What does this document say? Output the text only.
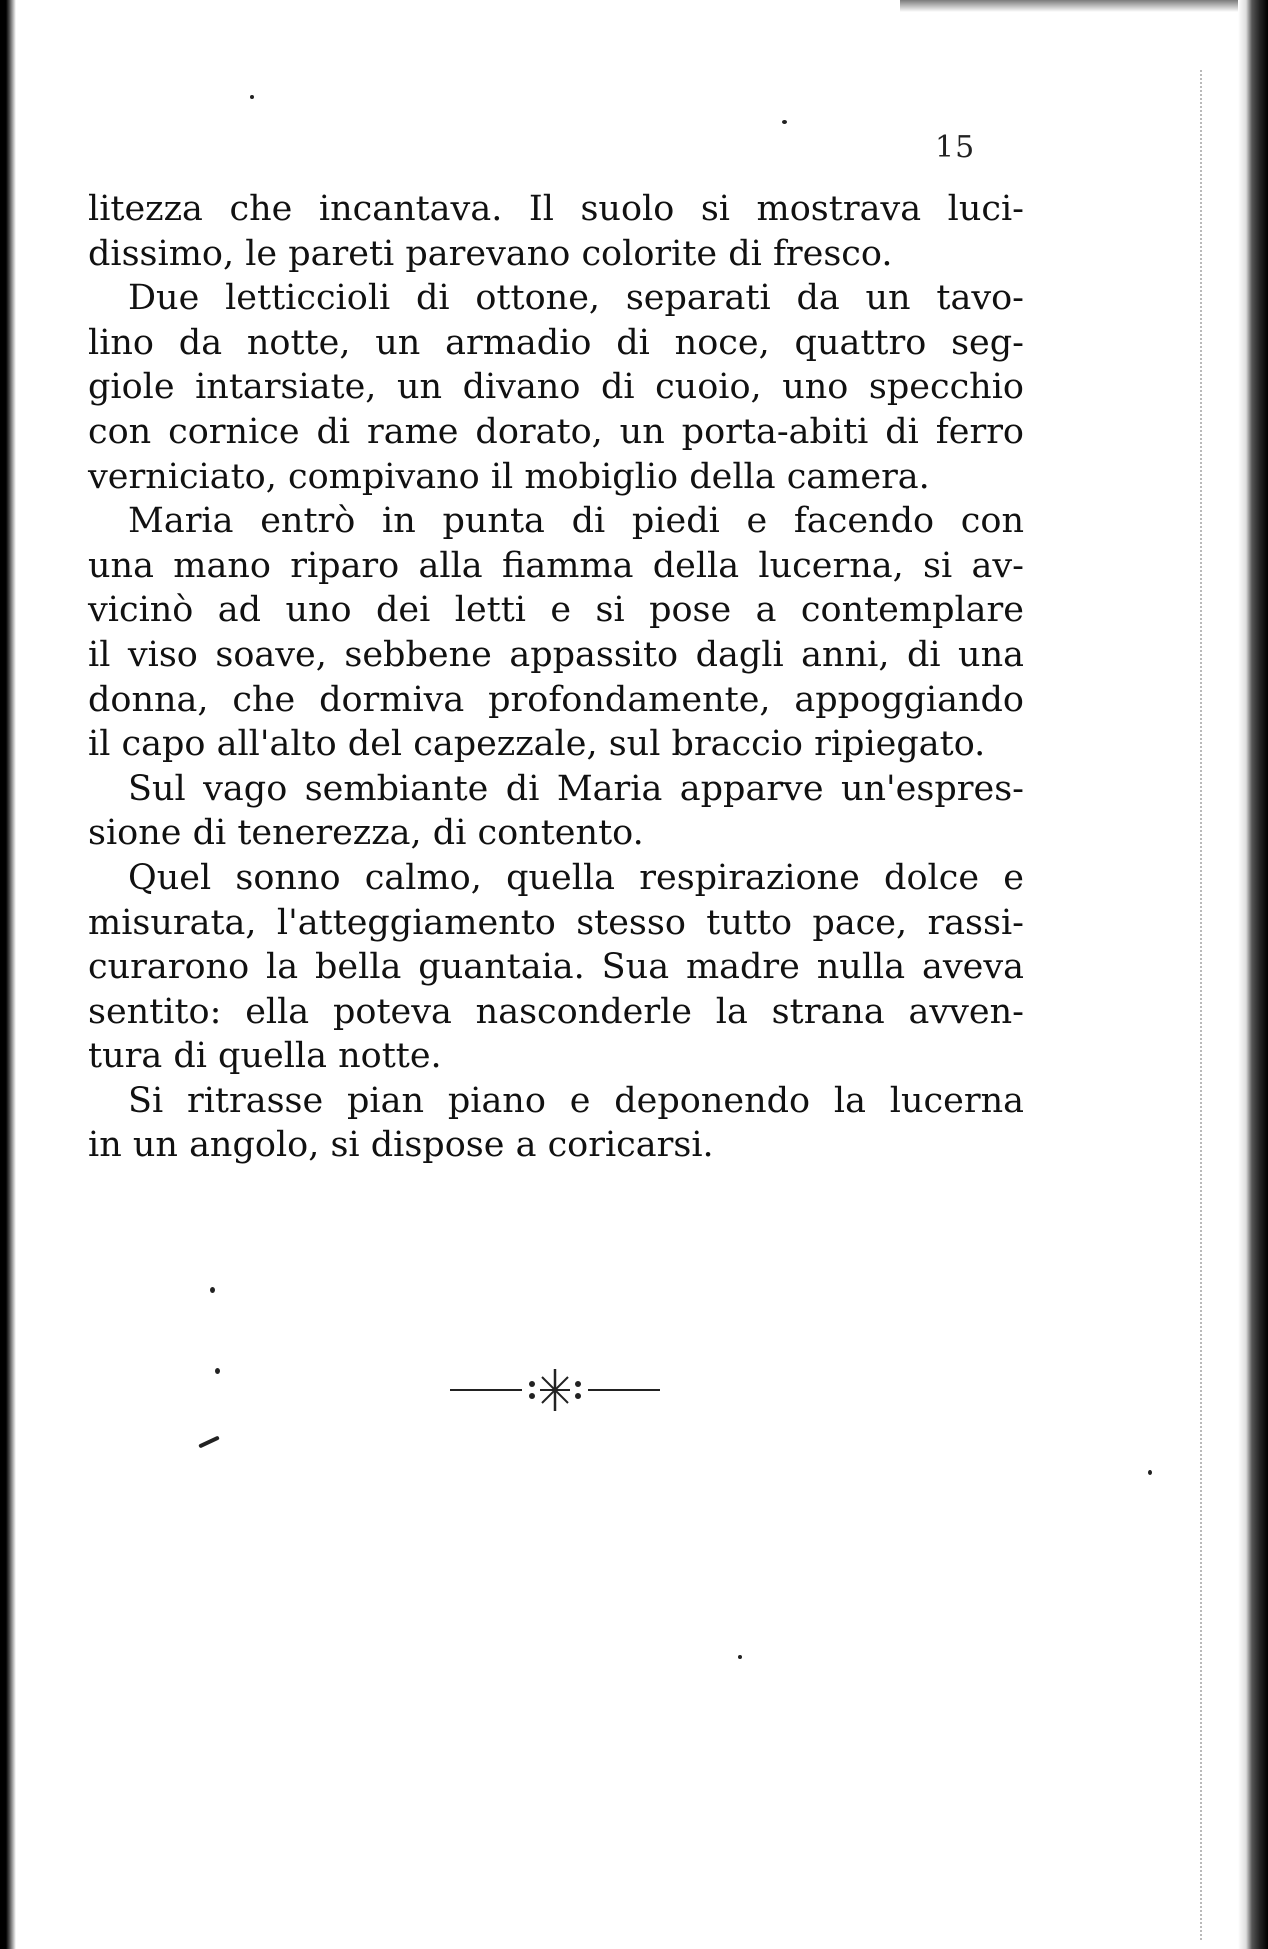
15
litezza che incantava. Il suolo si mostrava luci-
dissimo, le pareti parevano colorite di fresco.
Due letticcioli di ottone, separati da un tavo-
lino da notte, un armadio di noce, quattro seg-
giole intarsiate, un divano di cuoio, uno specchio
con cornice di rame dorato, un porta-abiti di ferro
verniciato, compivano il mobiglio della camera.
Maria entrò in punta di piedi e facendo con
una mano riparo alla fiamma della lucerna, si av-
vicinò ad uno dei letti e si pose a contemplare
il viso soave, sebbene appassito dagli anni, di una
donna, che dormiva profondamente, appoggiando
il capo all'alto del capezzale, sul braccio ripiegato.
Sul vago sembiante di Maria apparve un'espres-
sione di tenerezza, di contento.
Quel sonno calmo, quella respirazione dolce e
misurata, l'atteggiamento stesso tutto pace, rassi-
curarono la bella guantaia. Sua madre nulla aveva
sentito: ella poteva nasconderle la strana avven-
tura di quella notte.
Si ritrasse pian piano e deponendo la lucerna
in un angolo, si dispose a coricarsi.
